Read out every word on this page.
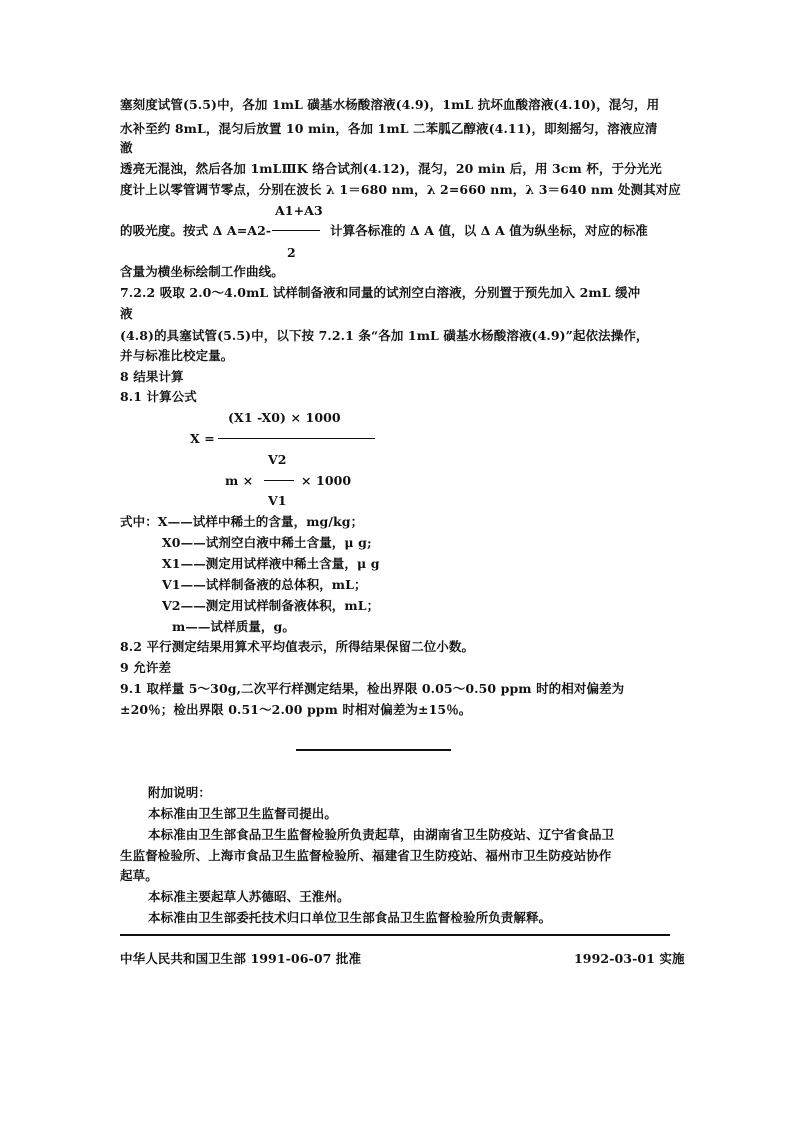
塞刻度试管(5.5)中，各加 1mL 磺基水杨酸溶液(4.9)，1mL 抗坏血酸溶液(4.10)，混匀，用
水补至约 8mL，混匀后放置 10 min，各加 1mL 二苯胍乙醇液(4.11)，即刻摇匀，溶液应清
澈
透亮无混浊，然后各加 1mLⅢK 络合试剂(4.12)，混匀，20 min 后，用 3cm 杯，于分光光
度计上以零管调节零点，分别在波长 λ 1＝680 nm，λ 2=660 nm，λ 3＝640 nm 处测其对应
A1+A3
的吸光度。按式 Δ A=A2-	计算各标准的 Δ A 值，以 Δ A 值为纵坐标，对应的标准
2
含量为横坐标绘制工作曲线。
7.2.2 吸取 2.0～4.0mL 试样制备液和同量的试剂空白溶液，分别置于预先加入 2mL 缓冲
液
(4.8)的具塞试管(5.5)中，以下按 7.2.1 条“各加 1mL 磺基水杨酸溶液(4.9)”起依法操作，
并与标准比校定量。
8 结果计算
8.1 计算公式
(X1 -X0) × 1000
X =
V2
m ×	× 1000
V1
式中：X——试样中稀土的含量，mg/kg；
X0——试剂空白液中稀土含量，μ g;
X1——测定用试样液中稀土含量，μ g
V1——试样制备液的总体积，mL；
V2——测定用试样制备液体积，mL；
m——试样质量，g。
8.2 平行测定结果用算术平均值表示，所得结果保留二位小数。
9 允许差
9.1 取样量 5～30g,二次平行样测定结果，检出界限 0.05～0.50 ppm 时的相对偏差为
±20％；检出界限 0.51～2.00 ppm 时相对偏差为±15％。
附加说明：
本标准由卫生部卫生监督司提出。
本标准由卫生部食品卫生监督检验所负责起草，由湖南省卫生防疫站、辽宁省食品卫
生监督检验所、上海市食品卫生监督检验所、福建省卫生防疫站、福州市卫生防疫站协作
起草。
本标准主要起草人苏德昭、王淮州。
本标准由卫生部委托技术归口单位卫生部食品卫生监督检验所负责解释。
中华人民共和国卫生部 1991-06-07 批准	1992-03-01 实施
